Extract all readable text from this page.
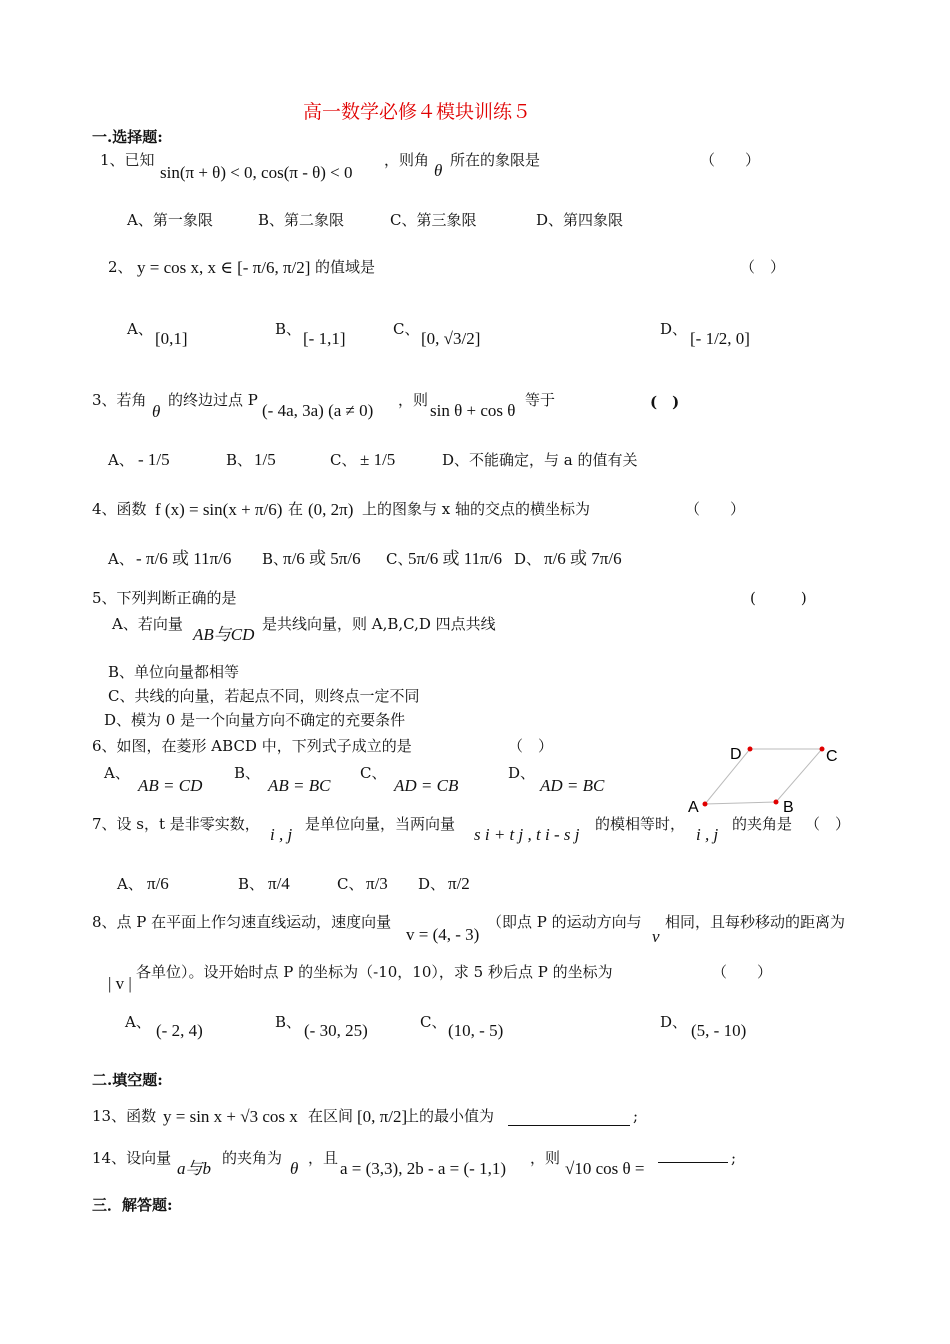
高一数学必修４模块训练５
一.选择题:
1、已知
sin(π + θ) < 0, cos(π - θ) < 0
，则角
θ
所在的象限是	（　　）
A、第一象限	B、第二象限	C、第三象限	D、第四象限
2、 y = cos x, x ∈ [- π/6, π/2] 的值域是	（　）
A、 [0,1]	B、 [- 1,1]	C、 [0, √3/2]	D、 [- 1/2, 0]
3、若角
θ
的终边过点 P
(- 4a, 3a) (a ≠ 0)
，则
sin θ + cos θ
等于	(　)
A、 - 1/5	B、 1/5	C、 ± 1/5	D、不能确定，与 a 的值有关
4、函数 f (x) = sin(x + π/6) 在 (0, 2π) 上的图象与 x 轴的交点的横坐标为	（　　）
A、 - π/6 或 11π/6 B、
π/6 或 5π/6 C、
5π/6 或 11π/6 D、 π/6 或 7π/6
5、下列判断正确的是	(　　　)
A、若向量
AB与CD
是共线向量，则 A,B,C,D 四点共线
B、单位向量都相等
C、共线的向量，若起点不同，则终点一定不同
D、模为 0 是一个向量方向不确定的充要条件
6、如图，在菱形 ABCD 中，下列式子成立的是	（　）
A、
AB = CD
B、
AB = BC
C、
AD = CB
D、
AD = BC
A	B
C
D
7、设 s，t 是非零实数，
i , j
是单位向量，当两向量
s i + t j , t i - s j
的模相等时，
i , j
的夹角是 （　）
A、 π/6	B、 π/4	C、 π/3 D、 π/2
8、点 P 在平面上作匀速直线运动，速度向量
v = (4, - 3)
（即点 P 的运动方向与
v
相同，且每秒移动的距离为
| v |
各单位）。设开始时点 P 的坐标为（-10，10），求 5 秒后点 P 的坐标为	（　　）
A、 (- 2, 4)	B、 (- 30, 25)	C、 (10, - 5)	D、 (5, - 10)
二.填空题:
13、函数 y = sin x + √3 cos x 在区间 [0, π/2]
上的最小值为	;
14、设向量
a与b
的夹角为
θ
，且
a = (3,3), 2b - a = (- 1,1)
，则
√10 cos θ =
;
三．解答题:
